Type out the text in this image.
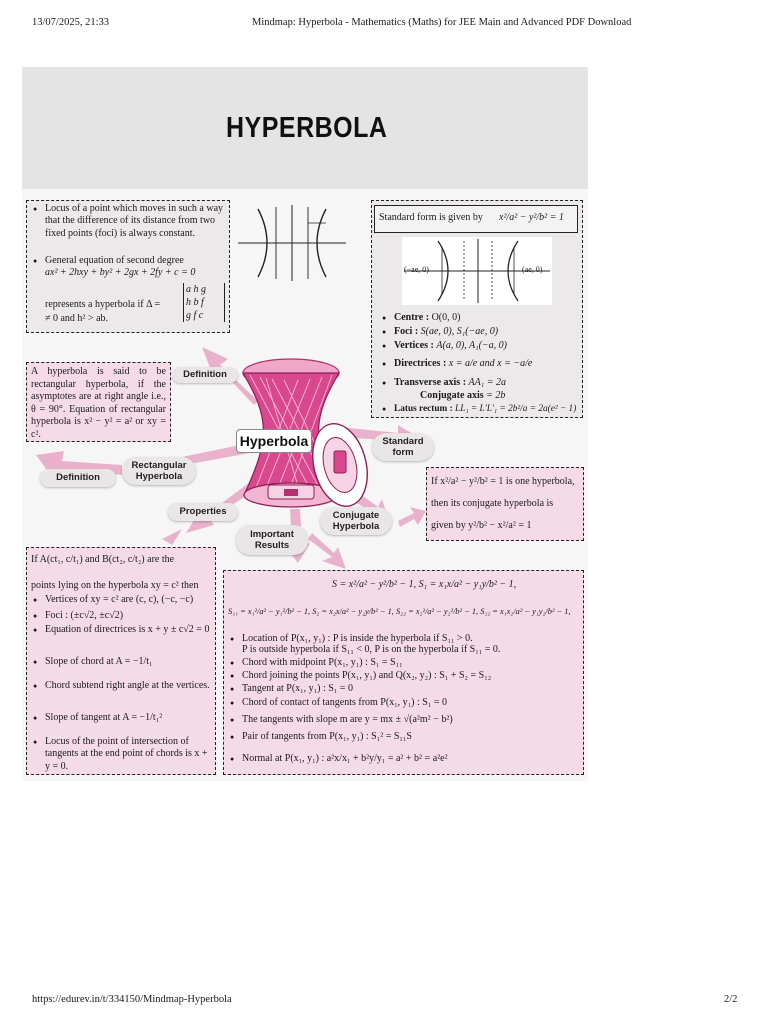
13/07/2025, 21:33	Mindmap: Hyperbola - Mathematics (Maths) for JEE Main and Advanced PDF Download
https://edurev.in/t/334150/Mindmap-Hyperbola	2/2
HYPERBOLA
● Locus of a point which moves in such a way that the difference of its distance from two fixed points (foci) is always constant.
● General equation of second degree
ax² + 2hxy + by² + 2gx + 2fy + c = 0
represents a hyperbola if Δ =
a h g
h b f
g f c
≠ 0 and h² > ab.
Standard form is given by x²/a² − y²/b² = 1
(−ae, 0)	(ae, 0)
● Centre : O(0, 0)
● Foci : S(ae, 0), S₁(−ae, 0)
● Vertices : A(a, 0), A₁(−a, 0)
● Directrices : x = a/e and x = −a/e
● Transverse axis : AA₁ = 2a
Conjugate axis = 2b
● Latus rectum : LL₁ = L′L′₁ = 2b²/a = 2a(e² − 1)
A hyperbola is said to be rectangular hyperbola, if the asymptotes are at right angle i.e., θ = 90°. Equation of rectangular hyperbola is x² − y² = a² or xy = c².
If x²/a² − y²/b² = 1 is one hyperbola,
then its conjugate hyperbola is
given by y²/b² − x²/a² = 1
If A(ct₁, c/t₁) and B(ct₂, c/t₂) are the
points lying on the hyperbola xy = c² then
● Vertices of xy = c² are (c, c), (−c, −c)
● Foci : (±c√2, ±c√2)
● Equation of directrices is x + y ± c√2 = 0
● Slope of chord at A = −1/t₁
● Chord subtend right angle at the vertices.
● Slope of tangent at A = −1/t₁²
● Locus of the point of intersection of tangents at the end point of chords is x + y = 0.
S = x²/a² − y²/b² − 1, S₁ = x₁x/a² − y₁y/b² − 1,
S₁₁ = x₁²/a² − y₁²/b² − 1, S₂ = x₂x/a² − y₂y/b² − 1, S₂₂ = x₂²/a² − y₂²/b² − 1, S₁₂ = x₁x₂/a² − y₁y₂/b² − 1,
● Location of P(x₁, y₁) : P is inside the hyperbola if S₁₁ > 0.
P is outside hyperbola if S₁₁ < 0, P is on the hyperbola if S₁₁ = 0.
● Chord with midpoint P(x₁, y₁) : S₁ = S₁₁
● Chord joining the points P(x₁, y₁) and Q(x₂, y₂) : S₁ + S₂ = S₁₂
● Tangent at P(x₁, y₁) : S₁ = 0
● Chord of contact of tangents from P(x₁, y₁) : S₁ = 0
● The tangents with slope m are y = mx ± √(a²m² − b²)
● Pair of tangents from P(x₁, y₁) : S₁² = S₁₁S
● Normal at P(x₁, y₁) : a²x/x₁ + b²y/y₁ = a² + b² = a²e²
Definition
Standard form
Definition
Rectangular Hyperbola
Properties
Important Results
Conjugate Hyperbola
Hyperbola
